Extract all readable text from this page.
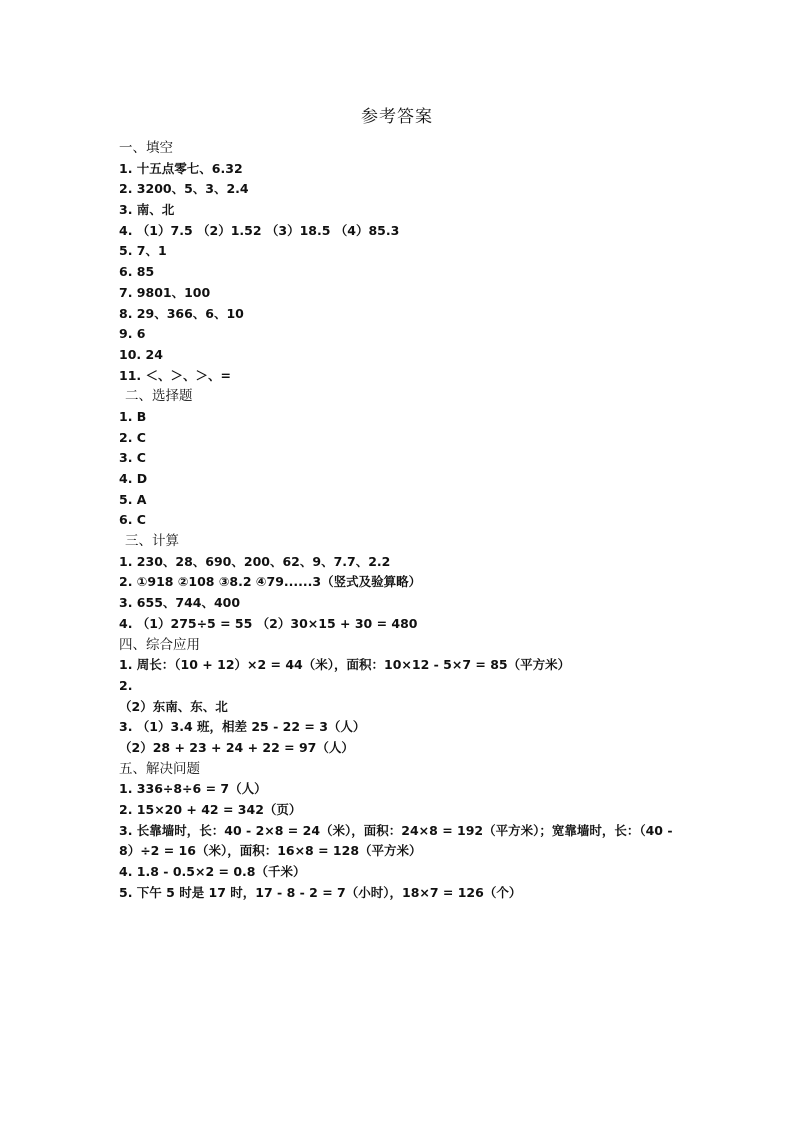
参考答案
一、填空
1. 十五点零七、6.32
2. 3200、5、3、2.4
3. 南、北
4. （1）7.5 （2）1.52 （3）18.5 （4）85.3
5. 7、1
6. 85
7. 9801、100
8. 29、366、6、10
9. 6
10. 24
11. ＜、＞、＞、=
二、选择题
1. B
2. C
3. C
4. D
5. A
6. C
三、计算
1. 230、28、690、200、62、9、7.7、2.2
2. ①918 ②108 ③8.2 ④79......3（竖式及验算略）
3. 655、744、400
4. （1）275÷5 = 55 （2）30×15 + 30 = 480
四、综合应用
1. 周长：（10 + 12）×2 = 44（米），面积：10×12 - 5×7 = 85（平方米）
2.
（2）东南、东、北
3. （1）3.4 班，相差 25 - 22 = 3（人）
（2）28 + 23 + 24 + 22 = 97（人）
五、解决问题
1. 336÷8÷6 = 7（人）
2. 15×20 + 42 = 342（页）
3. 长靠墙时，长：40 - 2×8 = 24（米），面积：24×8 = 192（平方米）；宽靠墙时，长：（40 -
8）÷2 = 16（米），面积：16×8 = 128（平方米）
4. 1.8 - 0.5×2 = 0.8（千米）
5. 下午 5 时是 17 时，17 - 8 - 2 = 7（小时），18×7 = 126（个）
